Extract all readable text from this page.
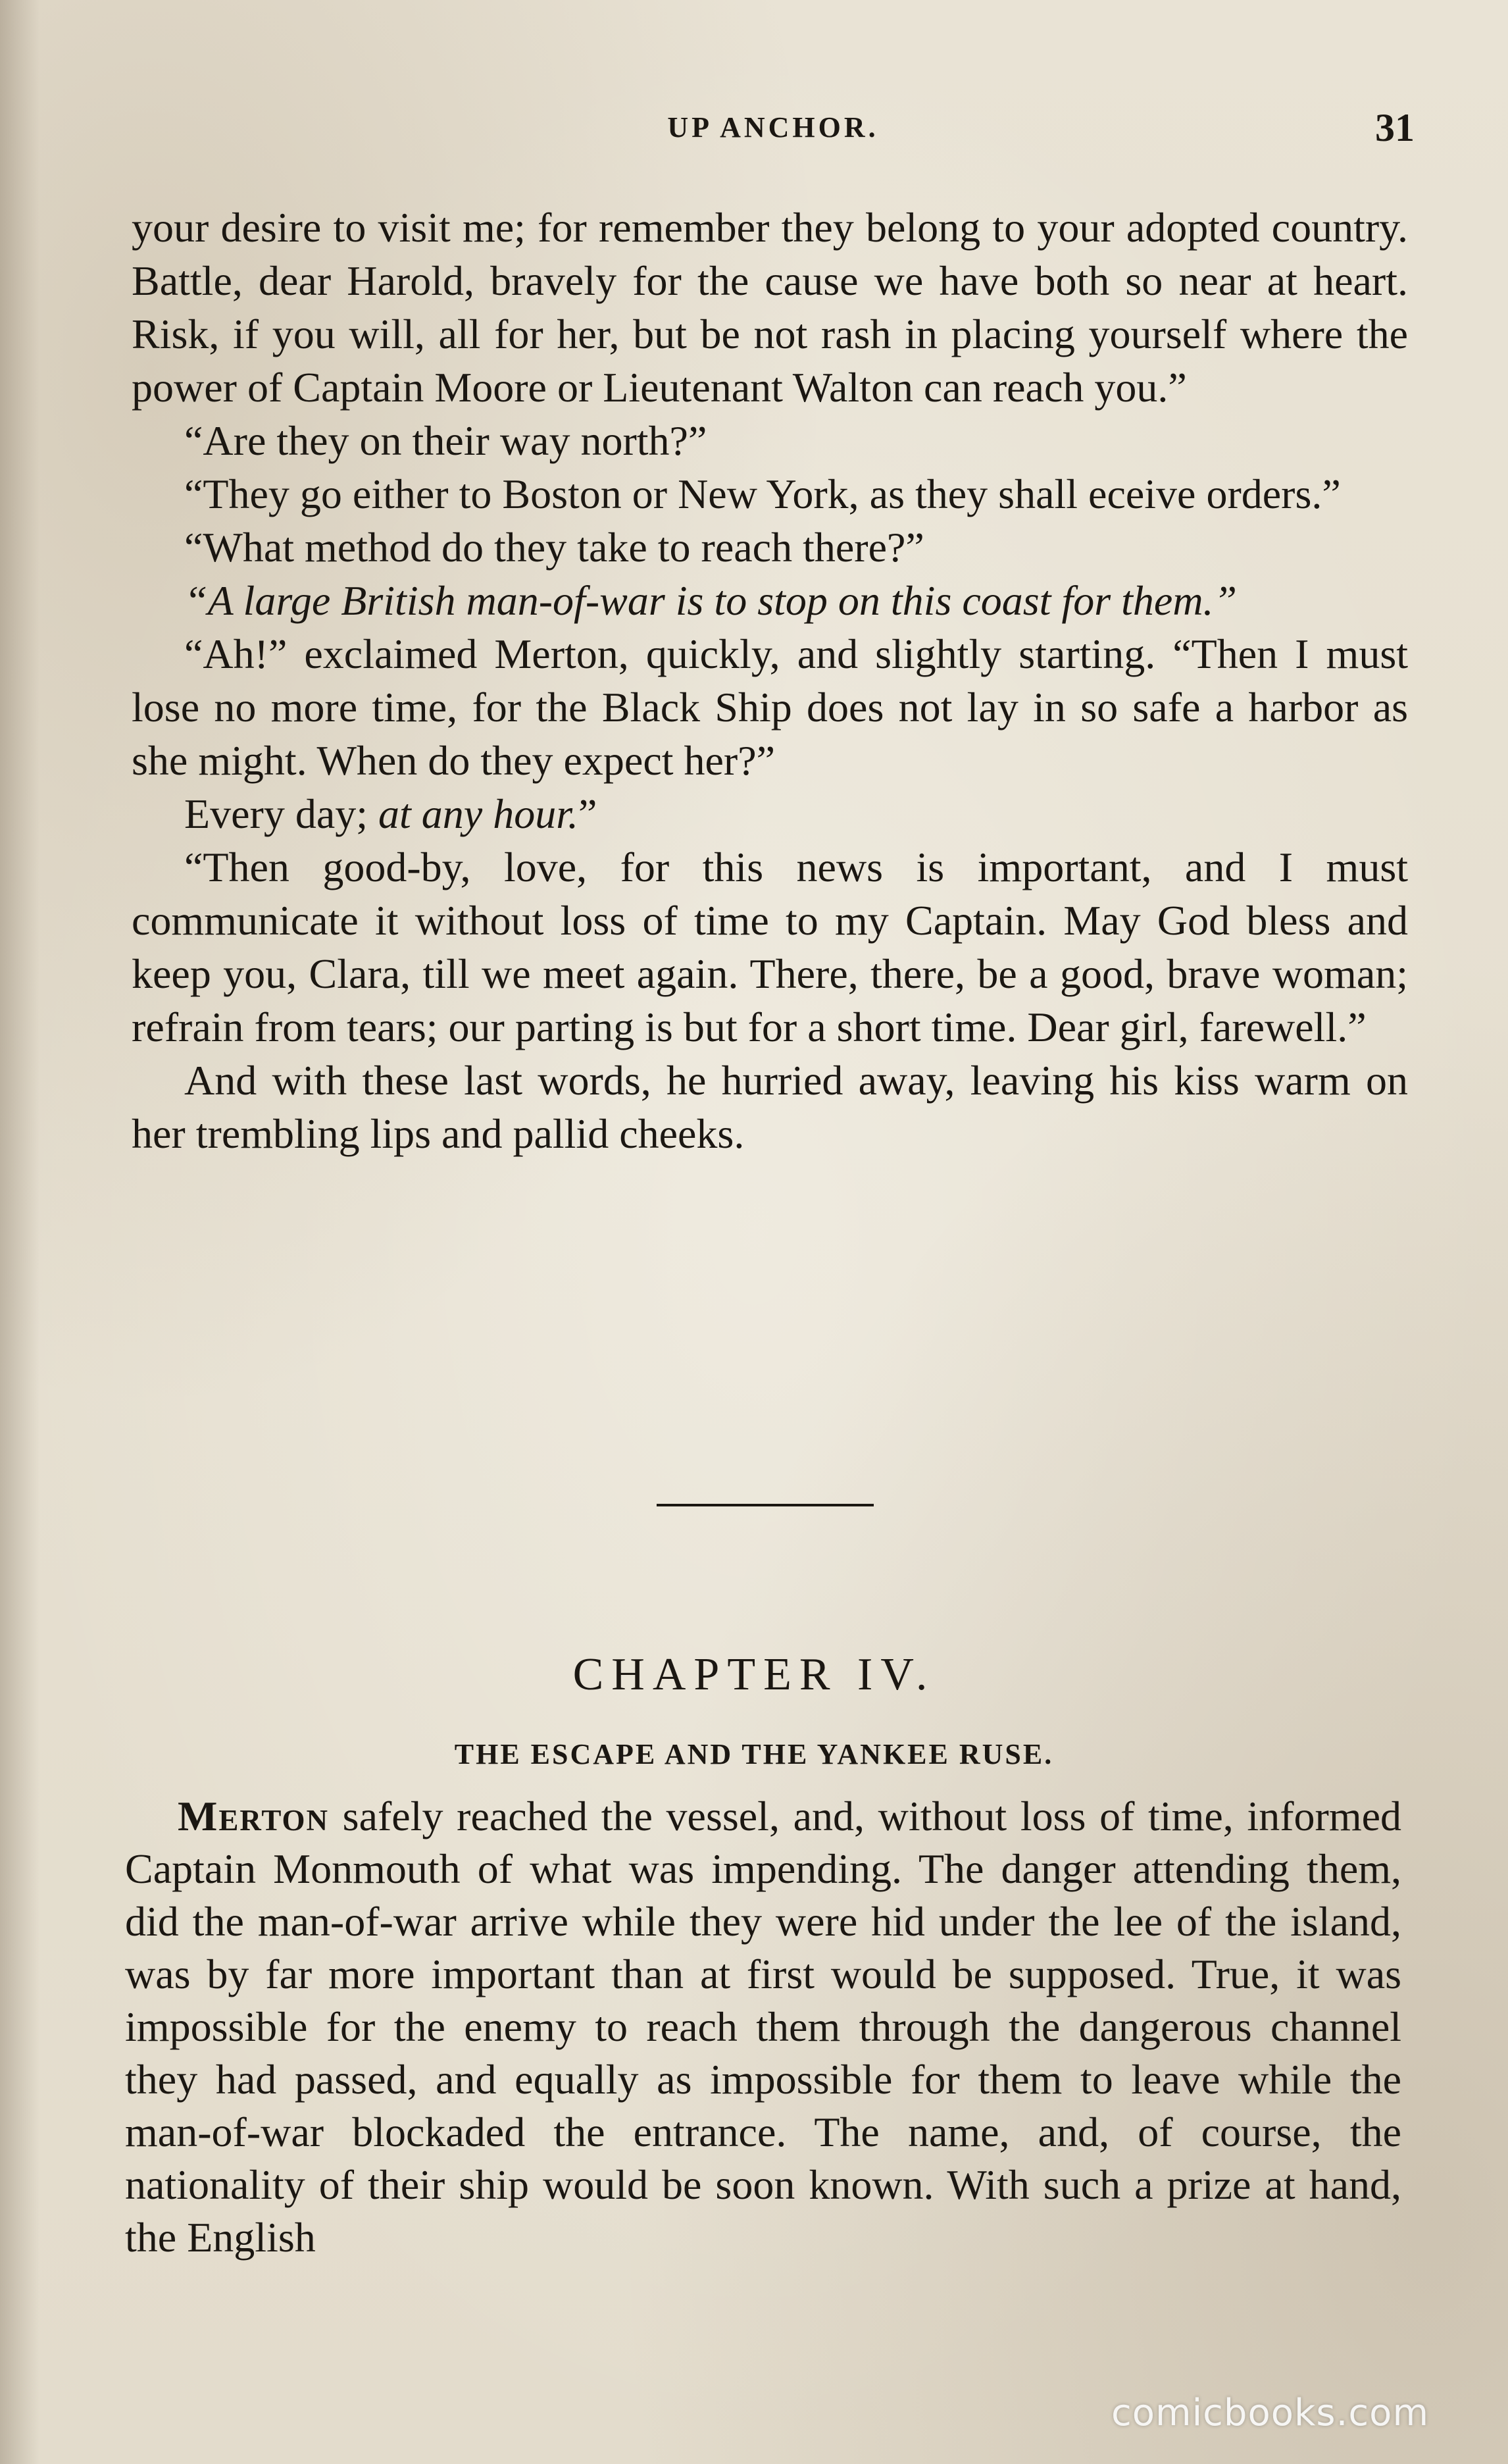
UP ANCHOR.	31

your desire to visit me; for remember they belong to your adopted country. Battle, dear Harold, bravely for the cause we have both so near at heart. Risk, if you will, all for her, but be not rash in placing yourself where the power of Captain Moore or Lieutenant Walton can reach you.”

“Are they on their way north?”

“They go either to Boston or New York, as they shall eceive orders.”

“What method do they take to reach there?”

“A large British man-of-war is to stop on this coast for them.”

“Ah!” exclaimed Merton, quickly, and slightly starting. “Then I must lose no more time, for the Black Ship does not lay in so safe a harbor as she might. When do they expect her?”

Every day; at any hour.”

“Then good-by, love, for this news is important, and I must communicate it without loss of time to my Captain. May God bless and keep you, Clara, till we meet again. There, there, be a good, brave woman; refrain from tears; our parting is but for a short time. Dear girl, farewell.”

And with these last words, he hurried away, leaving his kiss warm on her trembling lips and pallid cheeks.

CHAPTER IV.
THE ESCAPE AND THE YANKEE RUSE.

Merton safely reached the vessel, and, without loss of time, informed Captain Monmouth of what was impending. The danger attending them, did the man-of-war arrive while they were hid under the lee of the island, was by far more important than at first would be supposed. True, it was impossible for the enemy to reach them through the dangerous channel they had passed, and equally as impossible for them to leave while the man-of-war blockaded the entrance. The name, and, of course, the nationality of their ship would be soon known. With such a prize at hand, the English

comicbooks.com
